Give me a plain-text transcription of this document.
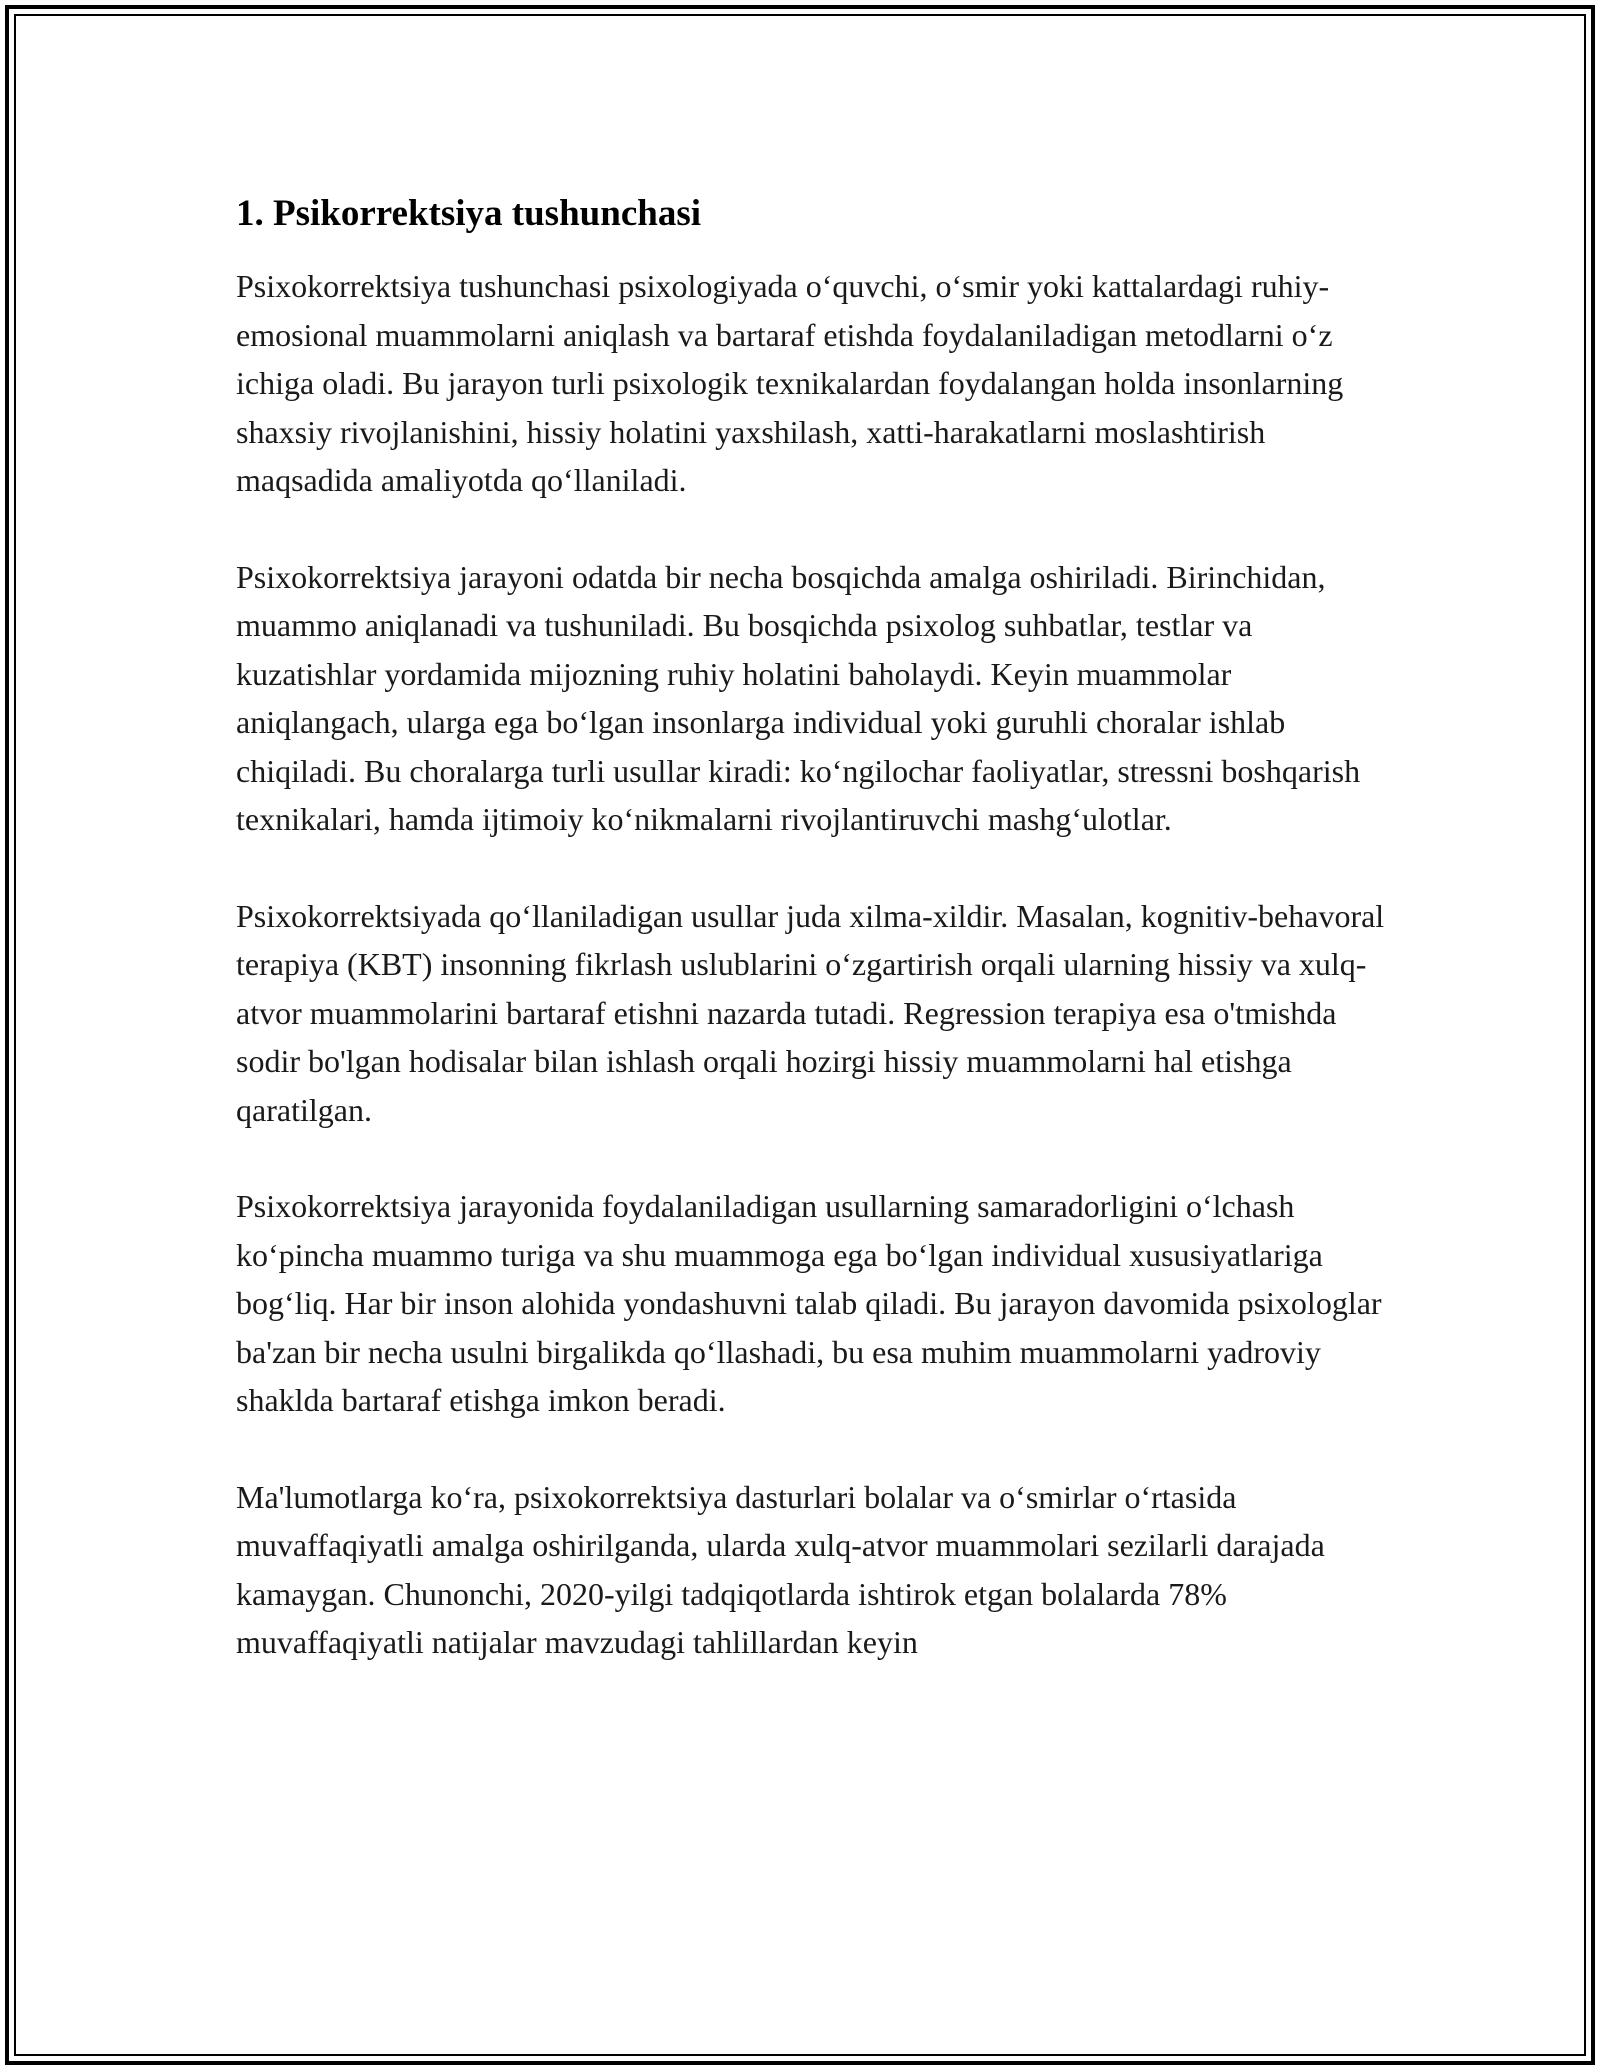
1. Psikorrektsiya tushunchasi

Psixokorrektsiya tushunchasi psixologiyada oʻquvchi, oʻsmir yoki kattalardagi ruhiy-emosional muammolarni aniqlash va bartaraf etishda foydalaniladigan metodlarni oʻz ichiga oladi. Bu jarayon turli psixologik texnikalardan foydalangan holda insonlarning shaxsiy rivojlanishini, hissiy holatini yaxshilash, xatti-harakatlarni moslashtirish maqsadida amaliyotda qoʻllaniladi.

Psixokorrektsiya jarayoni odatda bir necha bosqichda amalga oshiriladi. Birinchidan, muammo aniqlanadi va tushuniladi. Bu bosqichda psixolog suhbatlar, testlar va kuzatishlar yordamida mijozning ruhiy holatini baholaydi. Keyin muammolar aniqlangach, ularga ega boʻlgan insonlarga individual yoki guruhli choralar ishlab chiqiladi. Bu choralarga turli usullar kiradi: koʻngilochar faoliyatlar, stressni boshqarish texnikalari, hamda ijtimoiy koʻnikmalarni rivojlantiruvchi mashgʻulotlar.

Psixokorrektsiyada qoʻllaniladigan usullar juda xilma-xildir. Masalan, kognitiv-behavoral terapiya (KBT) insonning fikrlash uslublarini oʻzgartirish orqali ularning hissiy va xulq-atvor muammolarini bartaraf etishni nazarda tutadi. Regression terapiya esa o'tmishda sodir bo'lgan hodisalar bilan ishlash orqali hozirgi hissiy muammolarni hal etishga qaratilgan.

Psixokorrektsiya jarayonida foydalaniladigan usullarning samaradorligini oʻlchash koʻpincha muammo turiga va shu muammoga ega boʻlgan individual xususiyatlariga bogʻliq. Har bir inson alohida yondashuvni talab qiladi. Bu jarayon davomida psixologlar ba'zan bir necha usulni birgalikda qoʻllashadi, bu esa muhim muammolarni yadroviy shaklda bartaraf etishga imkon beradi.

Ma'lumotlarga koʻra, psixokorrektsiya dasturlari bolalar va oʻsmirlar oʻrtasida muvaffaqiyatli amalga oshirilganda, ularda xulq-atvor muammolari sezilarli darajada kamaygan. Chunonchi, 2020-yilgi tadqiqotlarda ishtirok etgan bolalarda 78% muvaffaqiyatli natijalar mavzudagi tahlillardan keyin
